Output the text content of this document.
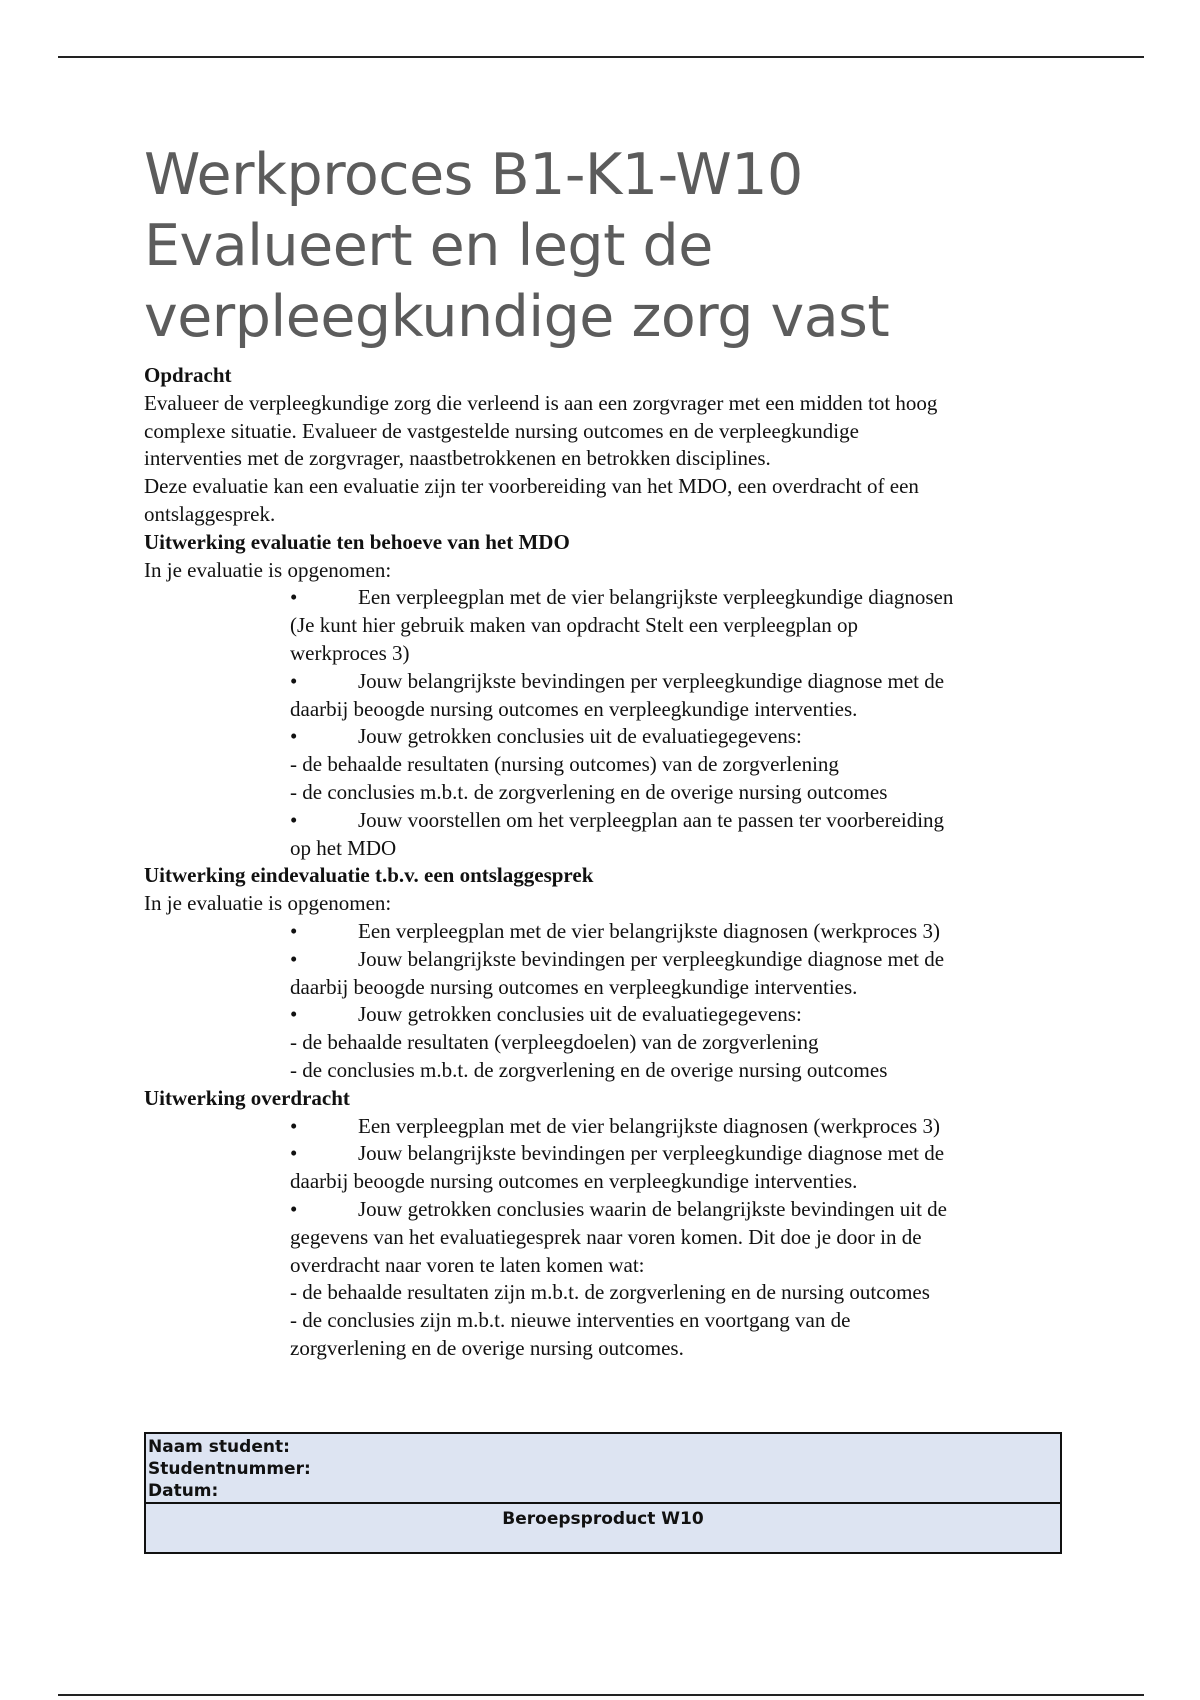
Werkproces B1-K1-W10
Evalueert en legt de
verpleegkundige zorg vast
Opdracht
Evalueer de verpleegkundige zorg die verleend is aan een zorgvrager met een midden tot hoog
complexe situatie. Evalueer de vastgestelde nursing outcomes en de verpleegkundige
interventies met de zorgvrager, naastbetrokkenen en betrokken disciplines.
Deze evaluatie kan een evaluatie zijn ter voorbereiding van het MDO, een overdracht of een
ontslaggesprek.
Uitwerking evaluatie ten behoeve van het MDO
In je evaluatie is opgenomen:
•	Een verpleegplan met de vier belangrijkste verpleegkundige diagnosen
(Je kunt hier gebruik maken van opdracht Stelt een verpleegplan op
werkproces 3)
•	Jouw belangrijkste bevindingen per verpleegkundige diagnose met de
daarbij beoogde nursing outcomes en verpleegkundige interventies.
•	Jouw getrokken conclusies uit de evaluatiegegevens:
- de behaalde resultaten (nursing outcomes) van de zorgverlening
- de conclusies m.b.t. de zorgverlening en de overige nursing outcomes
•	Jouw voorstellen om het verpleegplan aan te passen ter voorbereiding
op het MDO
Uitwerking eindevaluatie t.b.v. een ontslaggesprek
In je evaluatie is opgenomen:
•	Een verpleegplan met de vier belangrijkste diagnosen (werkproces 3)
•	Jouw belangrijkste bevindingen per verpleegkundige diagnose met de
daarbij beoogde nursing outcomes en verpleegkundige interventies.
•	Jouw getrokken conclusies uit de evaluatiegegevens:
- de behaalde resultaten (verpleegdoelen) van de zorgverlening
- de conclusies m.b.t. de zorgverlening en de overige nursing outcomes
Uitwerking overdracht
•	Een verpleegplan met de vier belangrijkste diagnosen (werkproces 3)
•	Jouw belangrijkste bevindingen per verpleegkundige diagnose met de
daarbij beoogde nursing outcomes en verpleegkundige interventies.
•	Jouw getrokken conclusies waarin de belangrijkste bevindingen uit de
gegevens van het evaluatiegesprek naar voren komen. Dit doe je door in de
overdracht naar voren te laten komen wat:
- de behaalde resultaten zijn m.b.t. de zorgverlening en de nursing outcomes
- de conclusies zijn m.b.t. nieuwe interventies en voortgang van de
zorgverlening en de overige nursing outcomes.
Naam student:
Studentnummer:
Datum:
Beroepsproduct W10
